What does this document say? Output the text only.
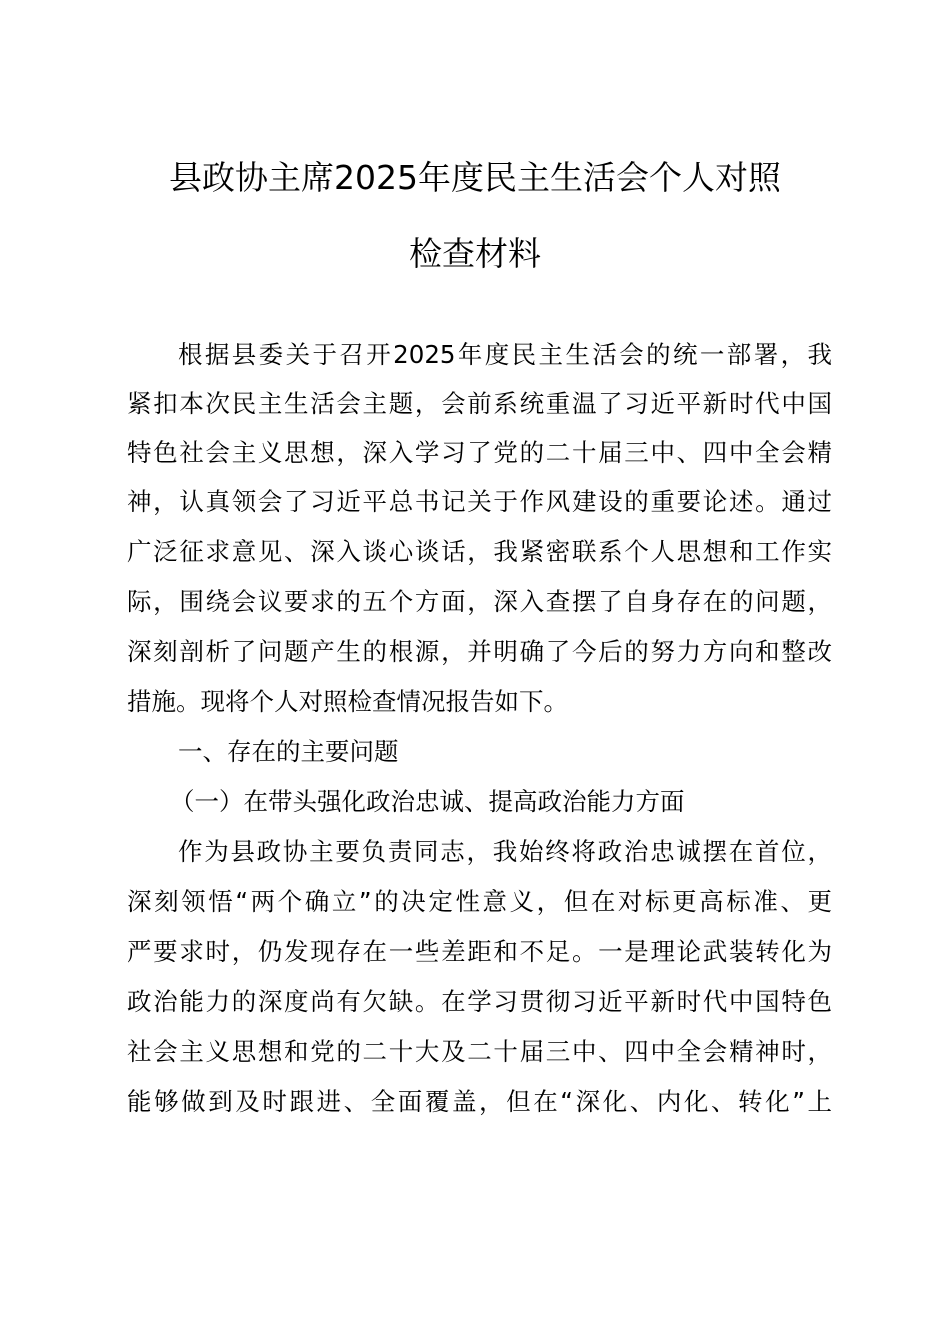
县政协主席2025年度民主生活会个人对照
检查材料
根据县委关于召开2025年度民主生活会的统一部署，我
紧扣本次民主生活会主题，会前系统重温了习近平新时代中国
特色社会主义思想，深入学习了党的二十届三中、四中全会精
神，认真领会了习近平总书记关于作风建设的重要论述。通过
广泛征求意见、深入谈心谈话，我紧密联系个人思想和工作实
际，围绕会议要求的五个方面，深入查摆了自身存在的问题，
深刻剖析了问题产生的根源，并明确了今后的努力方向和整改
措施。现将个人对照检查情况报告如下。
一、存在的主要问题
（一）在带头强化政治忠诚、提高政治能力方面
作为县政协主要负责同志，我始终将政治忠诚摆在首位，
深刻领悟“两个确立”的决定性意义，但在对标更高标准、更
严要求时，仍发现存在一些差距和不足。一是理论武装转化为
政治能力的深度尚有欠缺。在学习贯彻习近平新时代中国特色
社会主义思想和党的二十大及二十届三中、四中全会精神时，
能够做到及时跟进、全面覆盖，但在“深化、内化、转化”上
